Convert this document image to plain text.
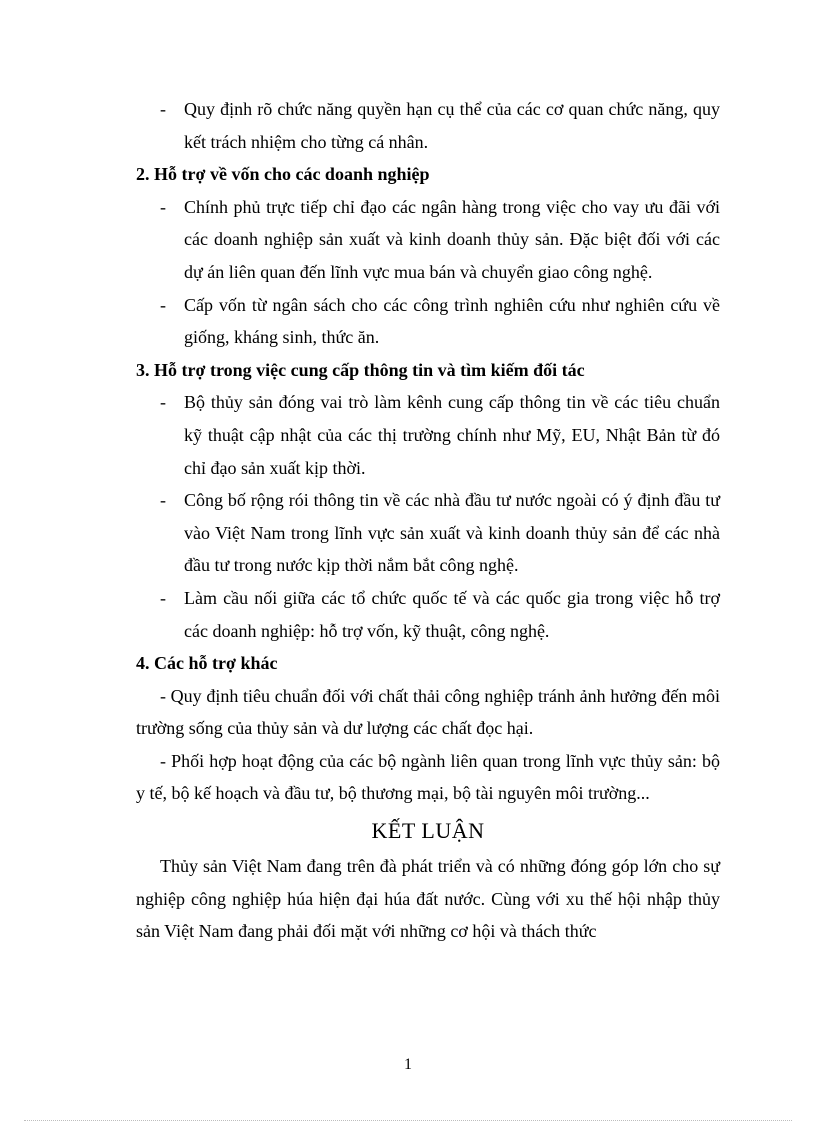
- Quy định rõ chức năng quyền hạn cụ thể của các cơ quan chức năng, quy kết trách nhiệm cho từng cá nhân.
2. Hỗ trợ về vốn cho các doanh nghiệp
- Chính phủ trực tiếp chỉ đạo các ngân hàng trong việc cho vay ưu đãi với các doanh nghiệp sản xuất và kinh doanh thủy sản. Đặc biệt đối với các dự án liên quan đến lĩnh vực mua bán và chuyển giao công nghệ.
- Cấp vốn từ ngân sách cho các công trình nghiên cứu như nghiên cứu về giống, kháng sinh, thức ăn.
3. Hỗ trợ trong việc cung cấp thông tin và tìm kiếm đối tác
- Bộ thủy sản đóng vai trò làm kênh cung cấp thông tin về các tiêu chuẩn kỹ thuật cập nhật của các thị trường chính như Mỹ, EU, Nhật Bản từ đó chỉ đạo sản xuất kịp thời.
- Công bố rộng rói thông tin về các nhà đầu tư nước ngoài có ý định đầu tư vào Việt Nam trong lĩnh vực sản xuất và kinh doanh thủy sản để các nhà đầu tư trong nước kịp thời nắm bắt công nghệ.
- Làm cầu nối giữa các tổ chức quốc tế và các quốc gia trong việc hỗ trợ các doanh nghiệp: hỗ trợ vốn, kỹ thuật, công nghệ.
4. Các hỗ trợ khác
- Quy định tiêu chuẩn đối với chất thải công nghiệp tránh ảnh hưởng đến môi trường sống của thủy sản và dư lượng các chất đọc hại.
- Phối hợp hoạt động của các bộ ngành liên quan trong lĩnh vực thủy sản: bộ y tế, bộ kế hoạch và đầu tư, bộ thương mại, bộ tài nguyên môi trường...
KẾT LUẬN
Thủy sản Việt Nam đang trên đà phát triển và có những đóng góp lớn cho sự nghiệp công nghiệp húa hiện đại húa đất nước. Cùng với xu thế hội nhập thủy sản Việt Nam đang phải đối mặt với những cơ hội và thách thức
1
